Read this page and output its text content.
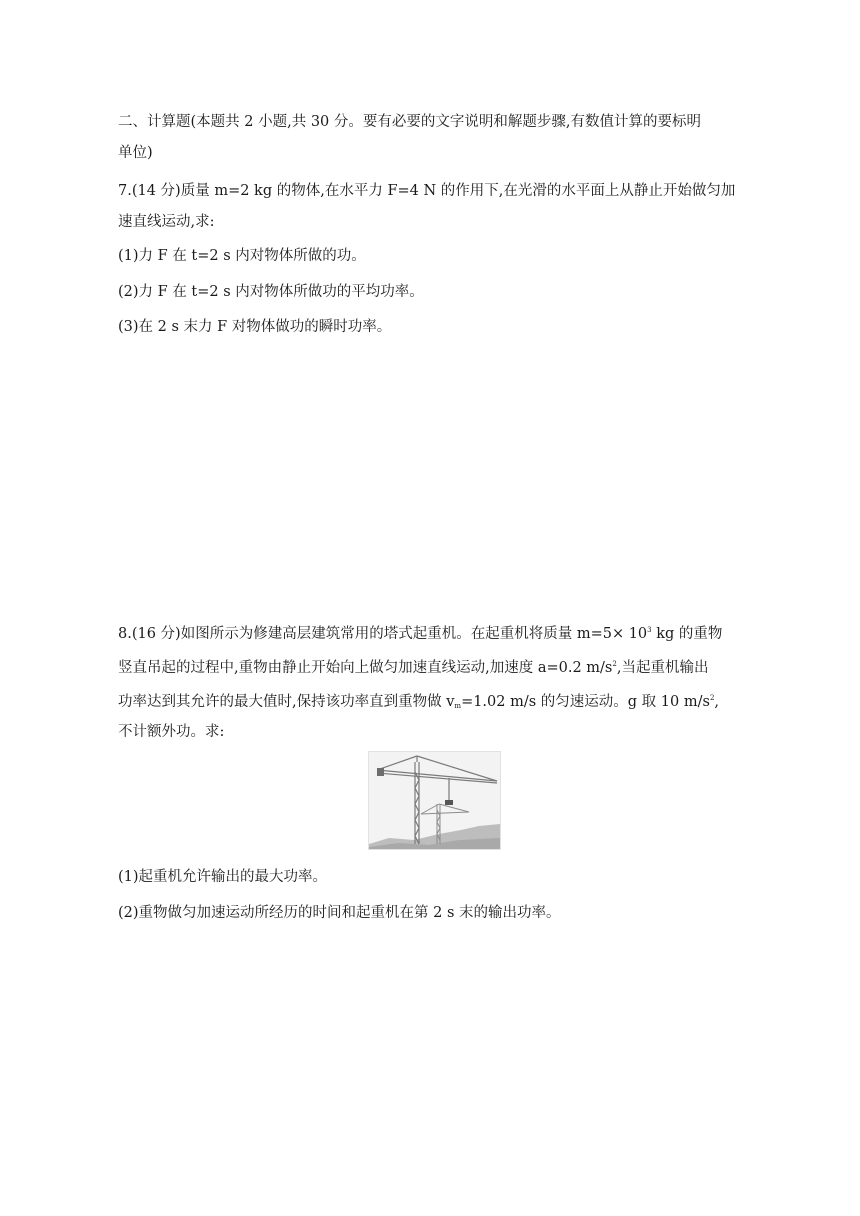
二、计算题(本题共 2 小题,共 30 分。要有必要的文字说明和解题步骤,有数值计算的要标明
单位)
7.(14 分)质量 m=2 kg 的物体,在水平力 F=4 N 的作用下,在光滑的水平面上从静止开始做匀加
速直线运动,求:
(1)力 F 在 t=2 s 内对物体所做的功。
(2)力 F 在 t=2 s 内对物体所做功的平均功率。
(3)在 2 s 末力 F 对物体做功的瞬时功率。
8.(16 分)如图所示为修建高层建筑常用的塔式起重机。在起重机将质量 $m=5\times 10^3$ kg 的重物
竖直吊起的过程中,重物由静止开始向上做匀加速直线运动,加速度 a=0.2 $m/s^2$,当起重机输出
功率达到其允许的最大值时,保持该功率直到重物做 $v_m=1.02$ m/s 的匀速运动。g 取 10 $m/s^2$,
不计额外功。求:
(1)起重机允许输出的最大功率。
(2)重物做匀加速运动所经历的时间和起重机在第 2 s 末的输出功率。
